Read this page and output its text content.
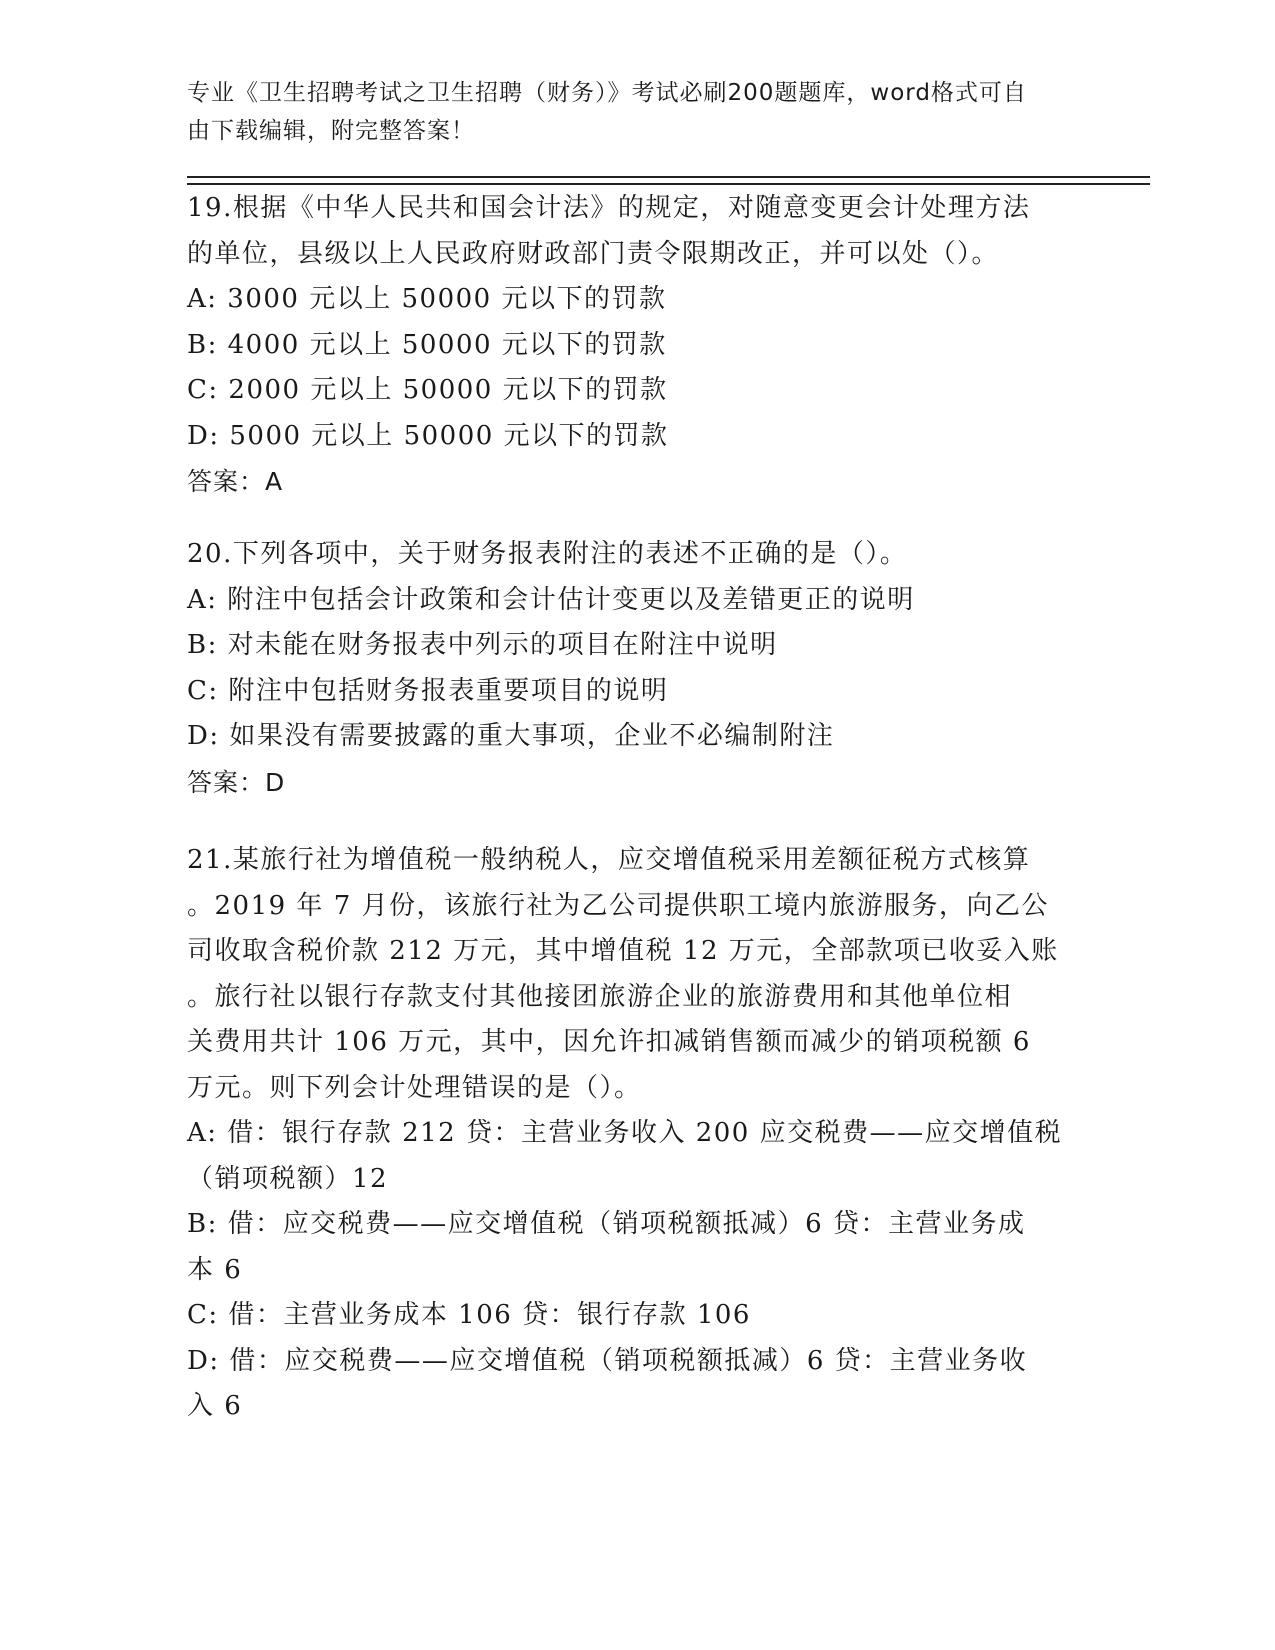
专业《卫生招聘考试之卫生招聘（财务）》考试必刷200题题库，word格式可自
由下载编辑，附完整答案！
19.根据《中华人民共和国会计法》的规定，对随意变更会计处理方法
的单位，县级以上人民政府财政部门责令限期改正，并可以处（）。
A: 3000 元以上 50000 元以下的罚款
B: 4000 元以上 50000 元以下的罚款
C: 2000 元以上 50000 元以下的罚款
D: 5000 元以上 50000 元以下的罚款
答案：A
20.下列各项中，关于财务报表附注的表述不正确的是（）。
A: 附注中包括会计政策和会计估计变更以及差错更正的说明
B: 对未能在财务报表中列示的项目在附注中说明
C: 附注中包括财务报表重要项目的说明
D: 如果没有需要披露的重大事项，企业不必编制附注
答案：D
21.某旅行社为增值税一般纳税人，应交增值税采用差额征税方式核算
。2019 年 7 月份，该旅行社为乙公司提供职工境内旅游服务，向乙公
司收取含税价款 212 万元，其中增值税 12 万元，全部款项已收妥入账
。旅行社以银行存款支付其他接团旅游企业的旅游费用和其他单位相
关费用共计 106 万元，其中，因允许扣减销售额而减少的销项税额 6
万元。则下列会计处理错误的是（）。
A: 借：银行存款 212 贷：主营业务收入 200 应交税费——应交增值税
（销项税额）12
B: 借：应交税费——应交增值税（销项税额抵减）6 贷：主营业务成
本 6
C: 借：主营业务成本 106 贷：银行存款 106
D: 借：应交税费——应交增值税（销项税额抵减）6 贷：主营业务收
入 6
